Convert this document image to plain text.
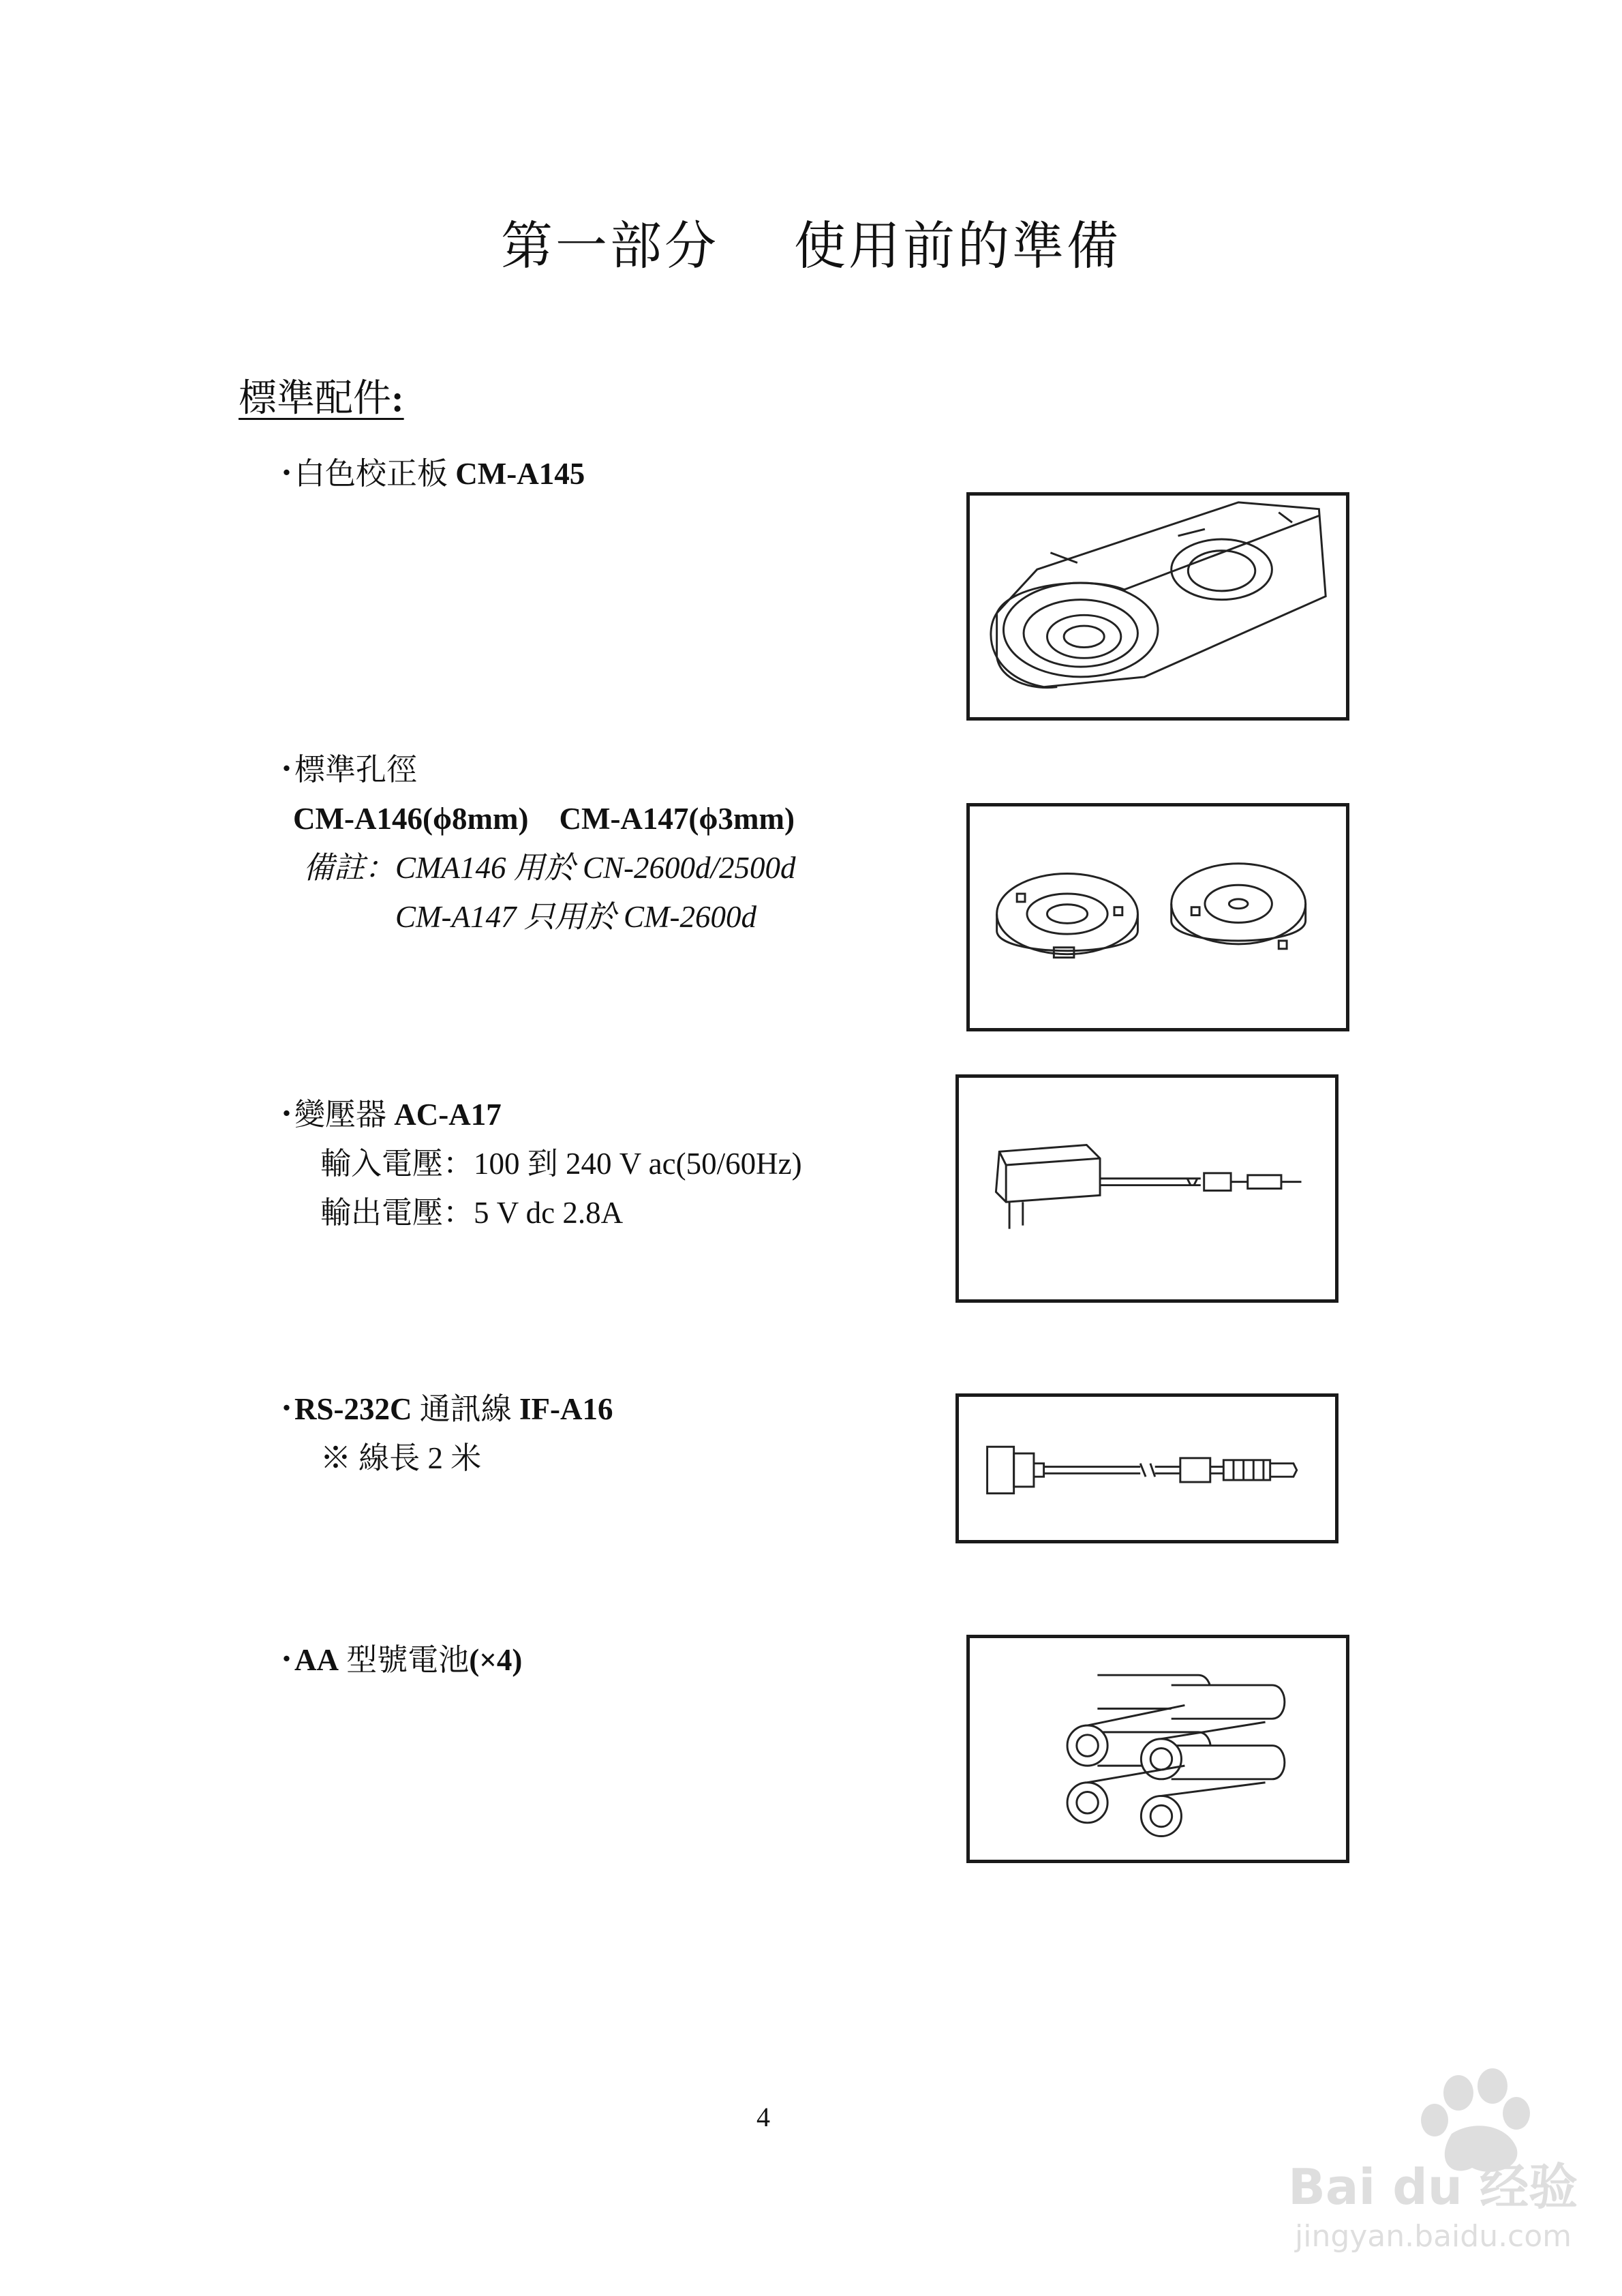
第一部分 使用前的準備
標準配件:
・白色校正板 CM-A145
・標準孔徑
CM-A146(ϕ8mm)　CM-A147(ϕ3mm)
備註：CMA146 用於 CN-2600d/2500d
CM-A147 只用於 CM-2600d
・變壓器 AC-A17
輸入電壓：100 到 240 V ac(50/60Hz)
輸出電壓：5 V dc 2.8A
・RS-232C 通訊線 IF-A16
※ 線長 2 米
・AA 型號電池(×4)
4
Bai du 经验
jingyan.baidu.com
